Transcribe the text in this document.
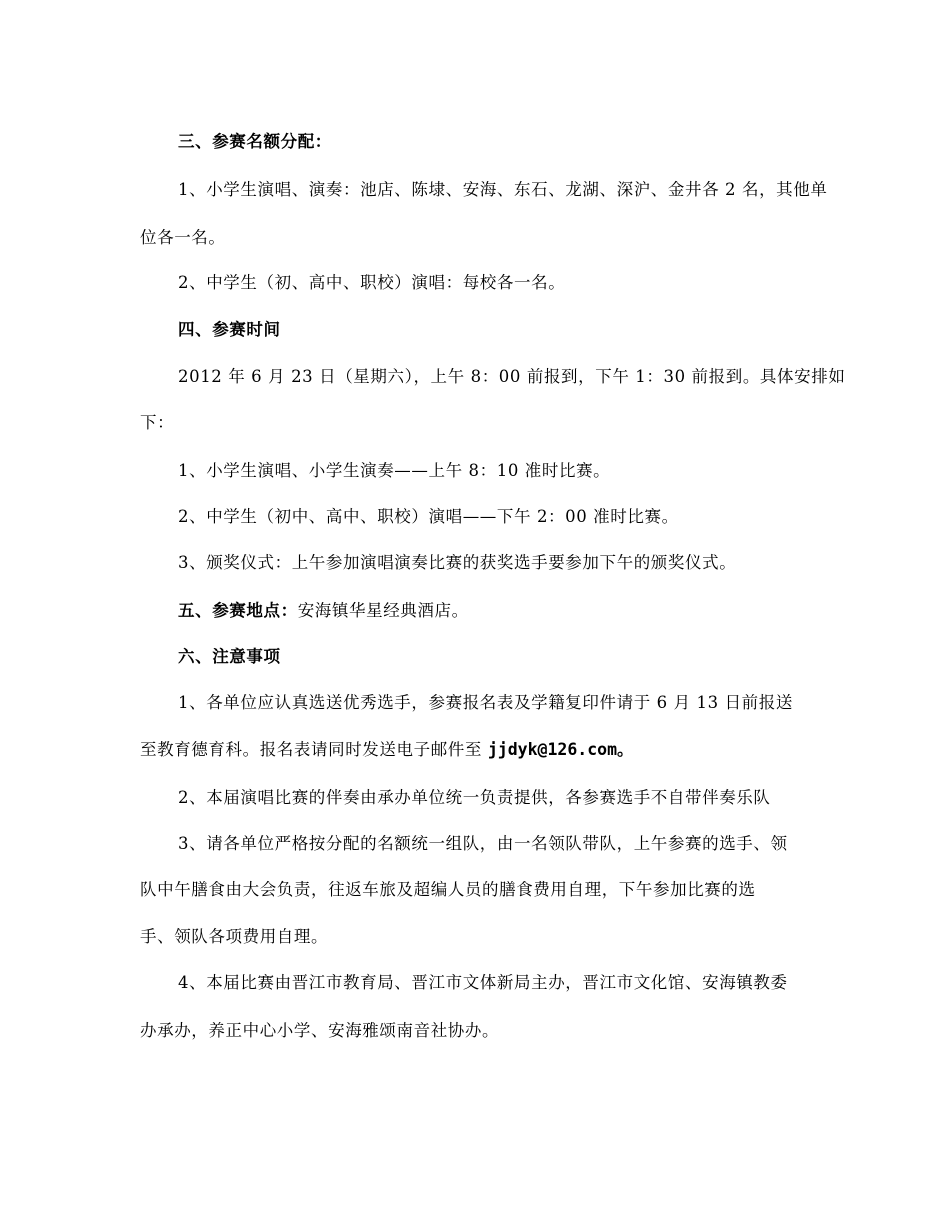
三、参赛名额分配：
1、小学生演唱、演奏：池店、陈埭、安海、东石、龙湖、深沪、金井各 2 名，其他单
位各一名。
2、中学生（初、高中、职校）演唱：每校各一名。
四、参赛时间
2012 年 6 月 23 日（星期六），上午 8：00 前报到，下午 1：30 前报到。具体安排如
下：
1、小学生演唱、小学生演奏——上午 8：10 准时比赛。
2、中学生（初中、高中、职校）演唱——下午 2：00 准时比赛。
3、颁奖仪式：上午参加演唱演奏比赛的获奖选手要参加下午的颁奖仪式。
五、参赛地点：安海镇华星经典酒店。
六、注意事项
1、各单位应认真选送优秀选手，参赛报名表及学籍复印件请于 6 月 13 日前报送
至教育德育科。报名表请同时发送电子邮件至 jjdyk@126.com。
2、本届演唱比赛的伴奏由承办单位统一负责提供，各参赛选手不自带伴奏乐队
3、请各单位严格按分配的名额统一组队，由一名领队带队，上午参赛的选手、领
队中午膳食由大会负责，往返车旅及超编人员的膳食费用自理，下午参加比赛的选
手、领队各项费用自理。
4、本届比赛由晋江市教育局、晋江市文体新局主办，晋江市文化馆、安海镇教委
办承办，养正中心小学、安海雅颂南音社协办。
